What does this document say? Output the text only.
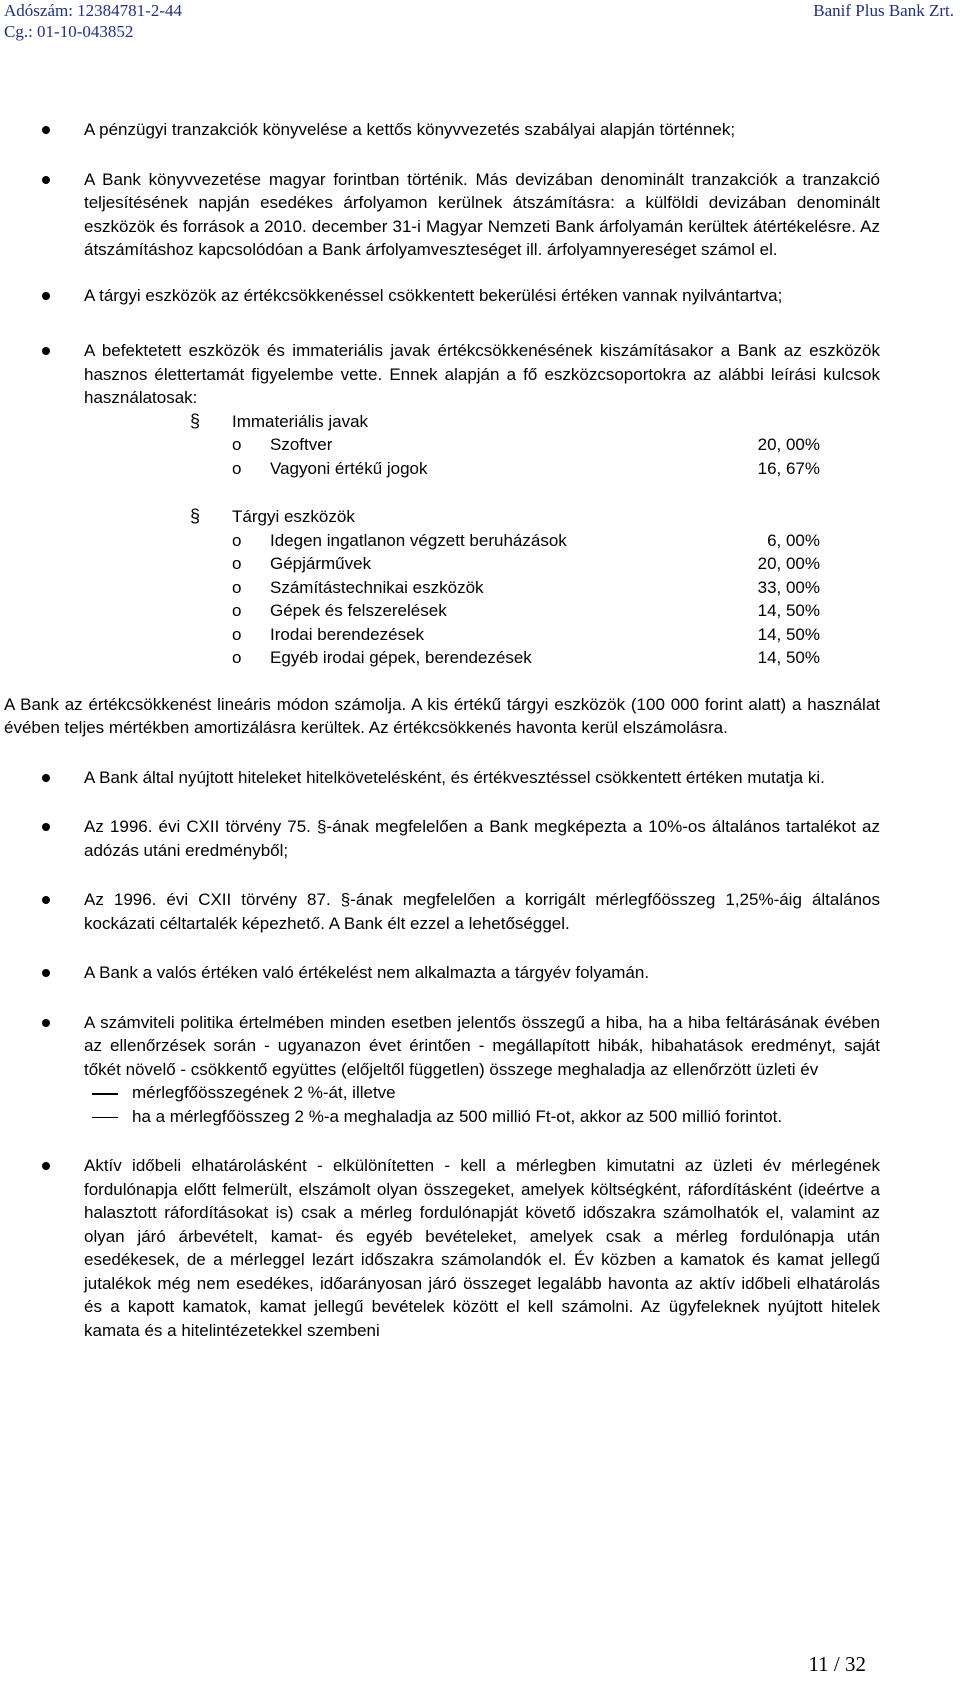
Adószám: 12384781-2-44
Cg.: 01-10-043852
Banif Plus Bank Zrt.
A pénzügyi tranzakciók könyvelése a kettős könyvvezetés szabályai alapján történnek;
A Bank könyvvezetése magyar forintban történik. Más devizában denominált tranzakciók a tranzakció teljesítésének napján esedékes árfolyamon kerülnek átszámításra: a külföldi devizában denominált eszközök és források a 2010. december 31-i Magyar Nemzeti Bank árfolyamán kerültek átértékelésre. Az átszámításhoz kapcsolódóan a Bank árfolyamveszteséget ill. árfolyamnyereséget számol el.
A tárgyi eszközök az értékcsökkenéssel csökkentett bekerülési értéken vannak nyilvántartva;
A befektetett eszközök és immateriális javak értékcsökkenésének kiszámításakor a Bank az eszközök hasznos élettertamát figyelembe vette. Ennek alapján a fő eszközcsoportokra az alábbi leírási kulcsok használatosak:
§ Immateriális javak
o Szoftver	20, 00%
o Vagyoni értékű jogok	16, 67%
§ Tárgyi eszközök
o Idegen ingatlanon végzett beruházások	6, 00%
o Gépjárművek	20, 00%
o Számítástechnikai eszközök	33, 00%
o Gépek és felszerelések	14, 50%
o Irodai berendezések	14, 50%
o Egyéb irodai gépek, berendezések	14, 50%
A Bank az értékcsökkenést lineáris módon számolja. A kis értékű tárgyi eszközök (100 000 forint alatt) a használat évében teljes mértékben amortizálásra kerültek. Az értékcsökkenés havonta kerül elszámolásra.
A Bank által nyújtott hiteleket hitelkövetelésként, és értékvesztéssel csökkentett értéken mutatja ki.
Az 1996. évi CXII törvény 75. §-ának megfelelően a Bank megképezta a 10%-os általános tartalékot az adózás utáni eredményből;
Az 1996. évi CXII törvény 87. §-ának megfelelően a korrigált mérlegfőösszeg 1,25%-áig általános kockázati céltartalék képezhető. A Bank élt ezzel a lehetőséggel.
A Bank a valós értéken való értékelést nem alkalmazta a tárgyév folyamán.
A számviteli politika értelmében minden esetben jelentős összegű a hiba, ha a hiba feltárásának évében az ellenőrzések során - ugyanazon évet érintően - megállapított hibák, hibahatások eredményt, saját tőkét növelő - csökkentő együttes (előjeltől független) összege meghaladja az ellenőrzött üzleti év
mérlegfőösszegének 2 %-át, illetve
ha a mérlegfőösszeg 2 %-a meghaladja az 500 millió Ft-ot, akkor az 500 millió forintot.
Aktív időbeli elhatárolásként - elkülönítetten - kell a mérlegben kimutatni az üzleti év mérlegének fordulónapja előtt felmerült, elszámolt olyan összegeket, amelyek költségként, ráfordításként (ideértve a halasztott ráfordításokat is) csak a mérleg fordulónapját követő időszakra számolhatók el, valamint az olyan járó árbevételt, kamat- és egyéb bevételeket, amelyek csak a mérleg fordulónapja után esedékesek, de a mérleggel lezárt időszakra számolandók el. Év közben a kamatok és kamat jellegű jutalékok még nem esedékes, időarányosan járó összeget legalább havonta az aktív időbeli elhatárolás és a kapott kamatok, kamat jellegű bevételek között el kell számolni. Az ügyfeleknek nyújtott hitelek kamata és a hitelintézetekkel szembeni
11 / 32
